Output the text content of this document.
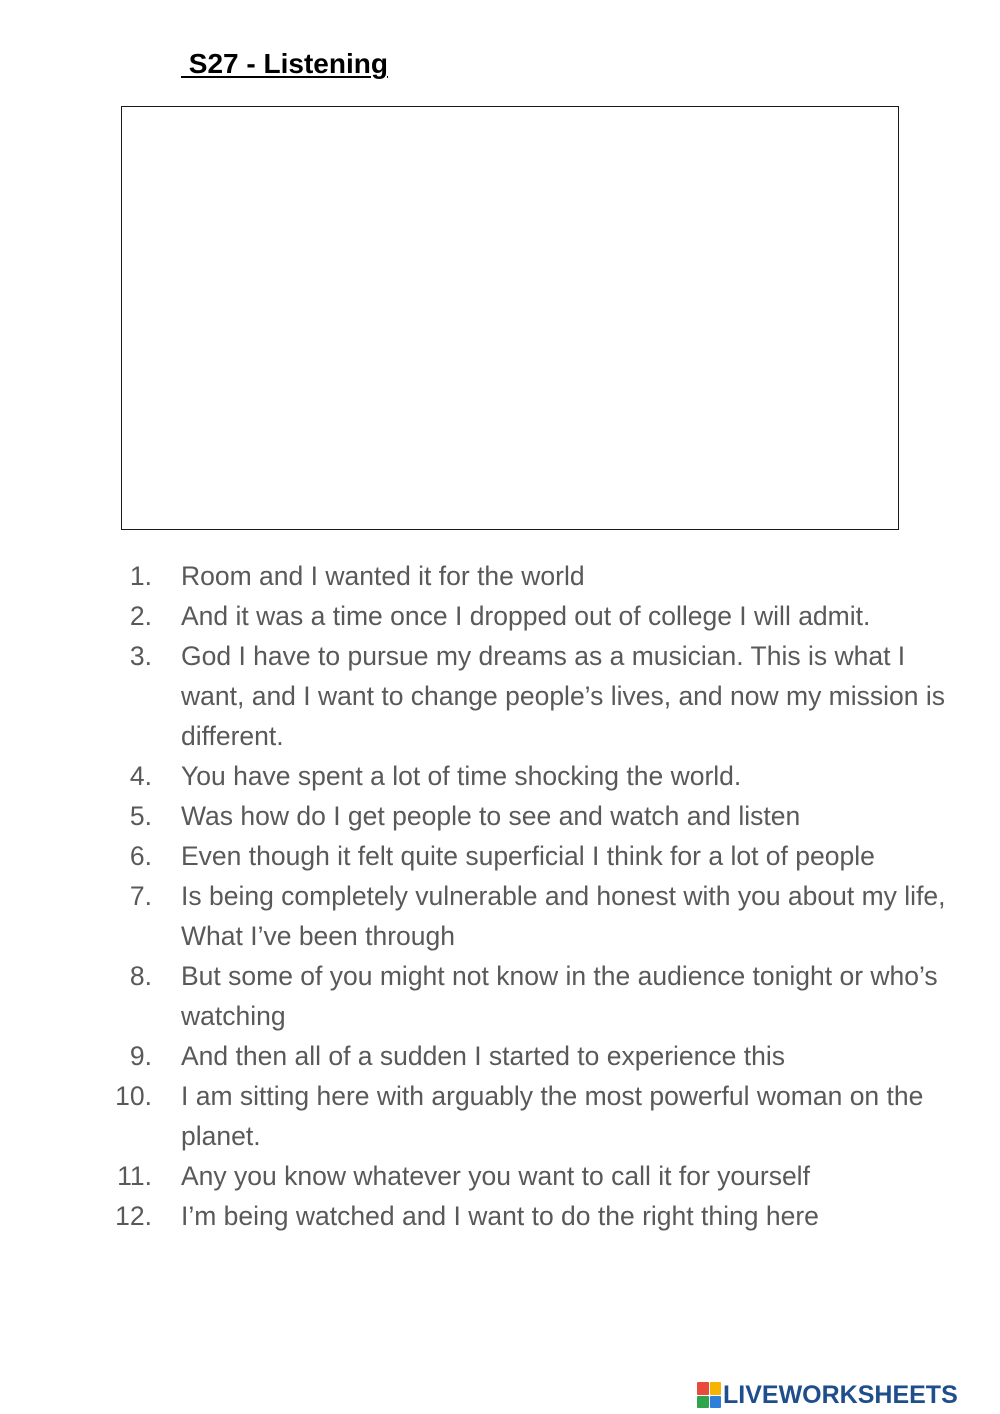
S27 - Listening
1. Room and I wanted it for the world
2. And it was a time once I dropped out of college I will admit.
3. God I have to pursue my dreams as a musician. This is what I want, and I want to change people’s lives, and now my mission is different.
4. You have spent a lot of time shocking the world.
5. Was how do I get people to see and watch and listen
6. Even though it felt quite superficial I think for a lot of people
7. Is being completely vulnerable and honest with you about my life, What I’ve been through
8. But some of you might not know in the audience tonight or who’s watching
9. And then all of a sudden I started to experience this
10. I am sitting here with arguably the most powerful woman on the planet.
11. Any you know whatever you want to call it for yourself
12. I’m being watched and I want to do the right thing here
LIVEWORKSHEETS
